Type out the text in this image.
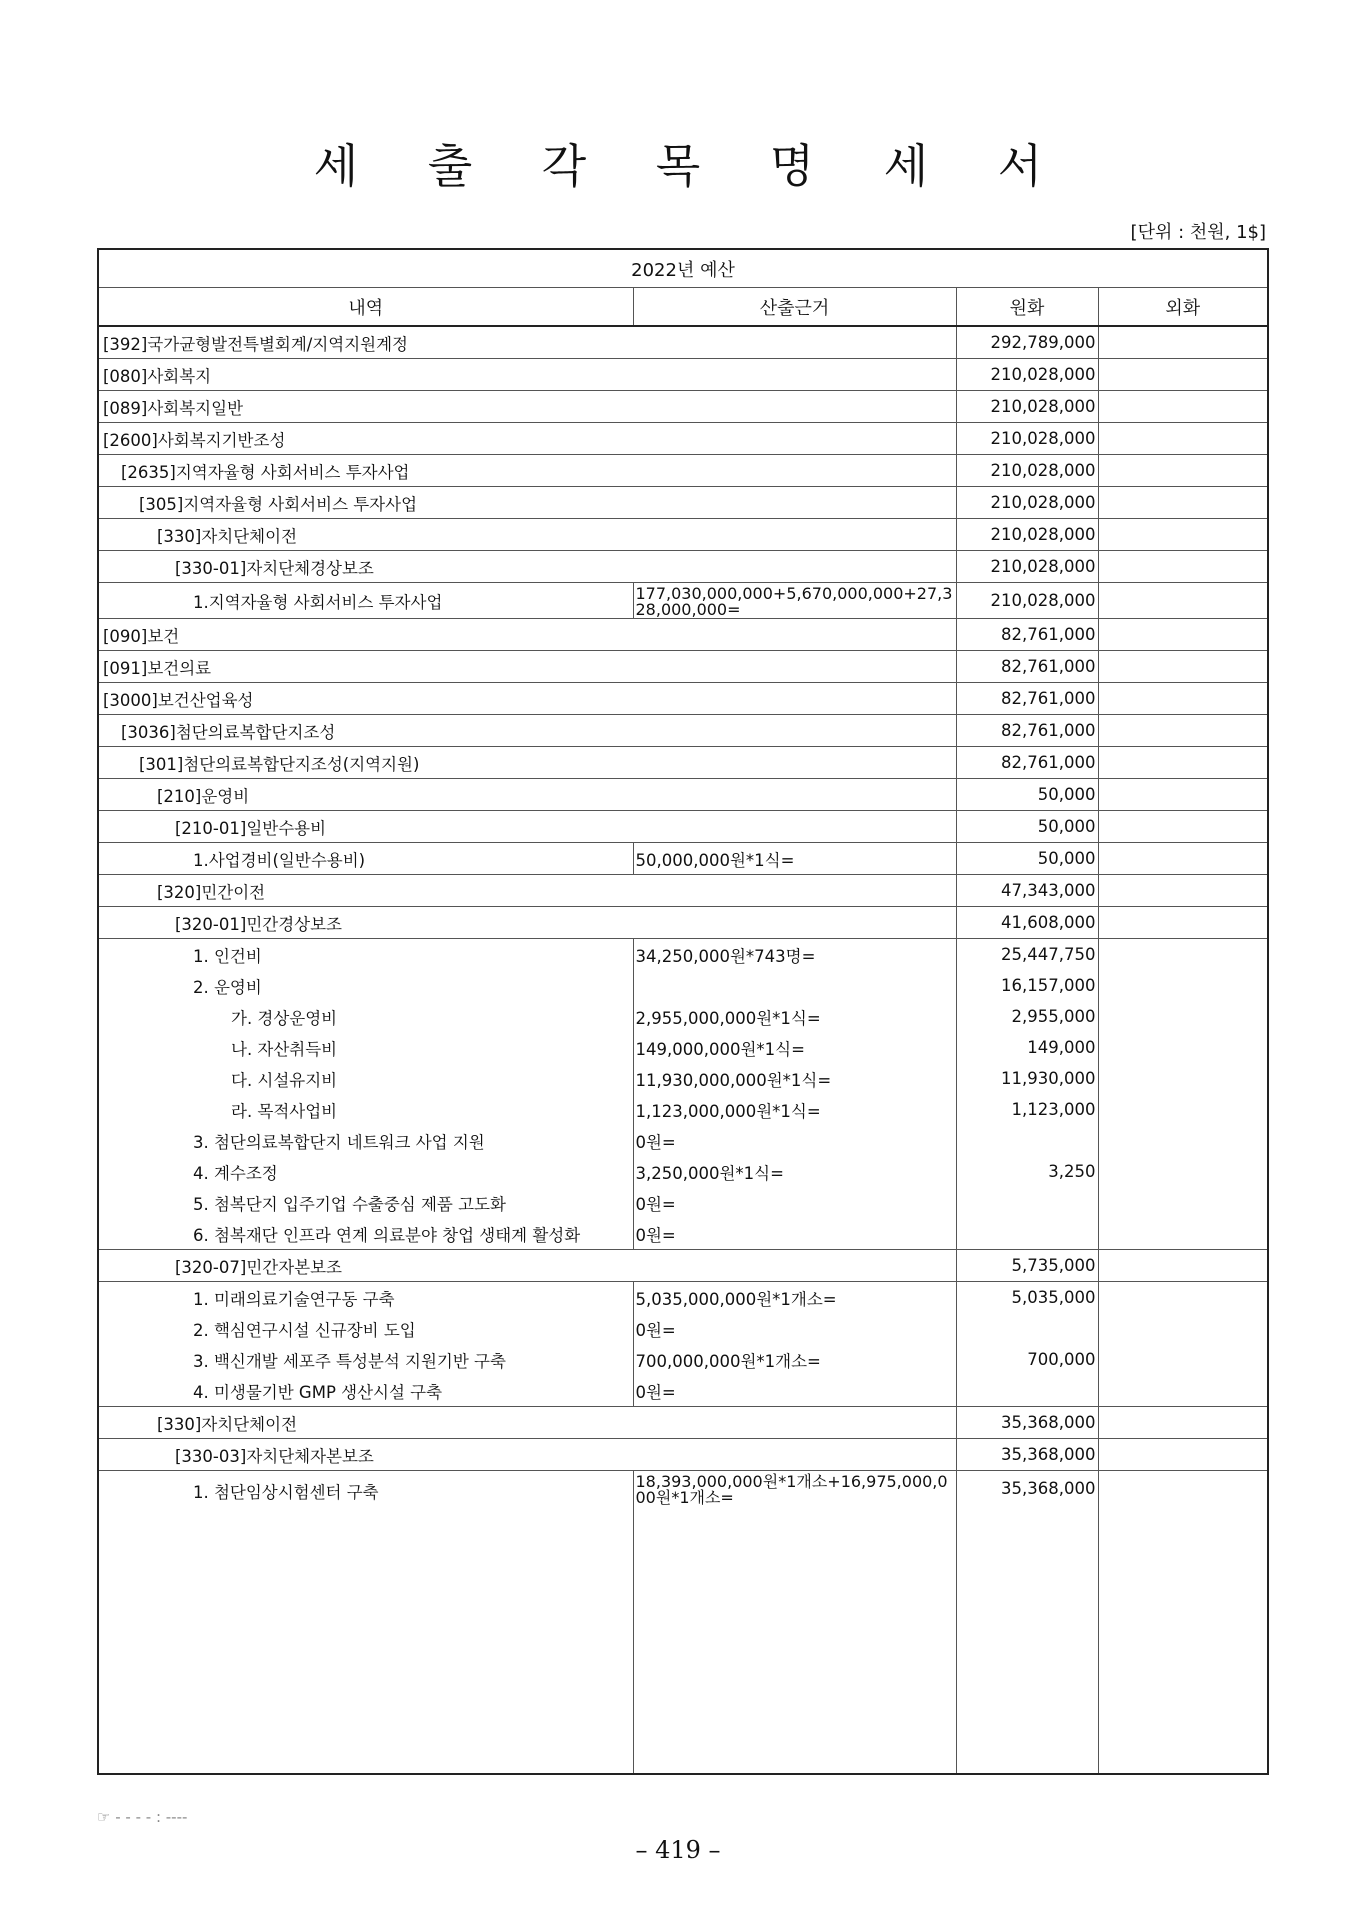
세 출 각 목 명 세 서
[단위 : 천원, 1$]
2022년 예산			
내역	산출근거	원화	외화
[392]국가균형발전특별회계/지역지원계정		292,789,000	
[080]사회복지		210,028,000	
[089]사회복지일반		210,028,000	
[2600]사회복지기반조성		210,028,000	
[2635]지역자율형 사회서비스 투자사업		210,028,000	
[305]지역자율형 사회서비스 투자사업		210,028,000	
[330]자치단체이전		210,028,000	
[330-01]자치단체경상보조		210,028,000	
1.지역자율형 사회서비스 투자사업	177,030,000,000+5,670,000,000+27,328,000,000=	210,028,000	
[090]보건		82,761,000	
[091]보건의료		82,761,000	
[3000]보건산업육성		82,761,000	
[3036]첨단의료복합단지조성		82,761,000	
[301]첨단의료복합단지조성(지역지원)		82,761,000	
[210]운영비		50,000	
[210-01]일반수용비		50,000	
1.사업경비(일반수용비)	50,000,000원*1식=	50,000	
[320]민간이전		47,343,000	
[320-01]민간경상보조		41,608,000	
1. 인건비	34,250,000원*743명=	25,447,750	
2. 운영비		16,157,000	
가. 경상운영비	2,955,000,000원*1식=	2,955,000	
나. 자산취득비	149,000,000원*1식=	149,000	
다. 시설유지비	11,930,000,000원*1식=	11,930,000	
라. 목적사업비	1,123,000,000원*1식=	1,123,000	
3. 첨단의료복합단지 네트워크 사업 지원	0원=		
4. 계수조정	3,250,000원*1식=	3,250	
5. 첨복단지 입주기업 수출중심 제품 고도화	0원=		
6. 첨복재단 인프라 연계 의료분야 창업 생태계 활성화	0원=		
[320-07]민간자본보조		5,735,000	
1. 미래의료기술연구동 구축	5,035,000,000원*1개소=	5,035,000	
2. 핵심연구시설 신규장비 도입	0원=		
3. 백신개발 세포주 특성분석 지원기반 구축	700,000,000원*1개소=	700,000	
4. 미생물기반 GMP 생산시설 구축	0원=		
[330]자치단체이전		35,368,000	
[330-03]자치단체자본보조		35,368,000	
1. 첨단임상시험센터 구축	18,393,000,000원*1개소+16,975,000,000원*1개소=	35,368,000	
☞ - - - - : ----
– 419 –
